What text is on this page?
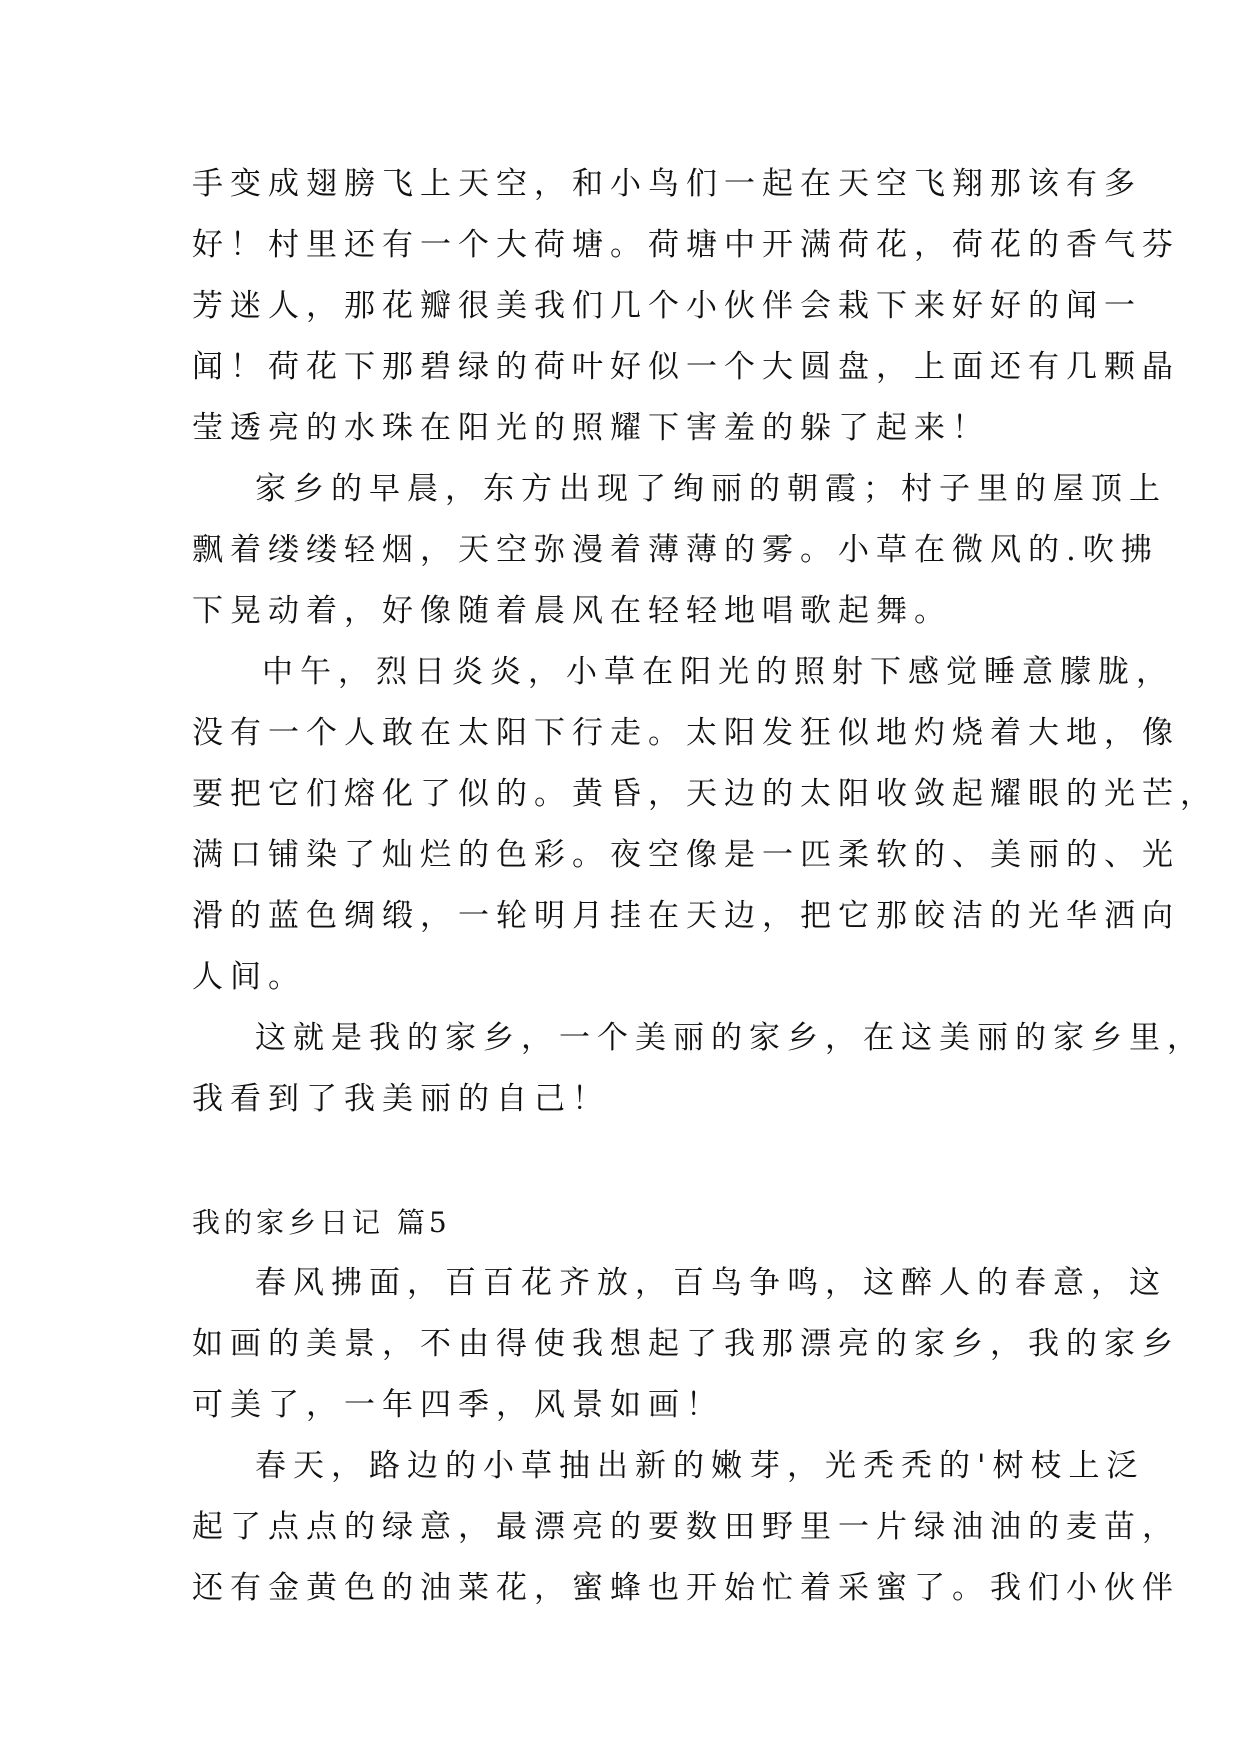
手变成翅膀飞上天空，和小鸟们一起在天空飞翔那该有多
好！村里还有一个大荷塘。荷塘中开满荷花，荷花的香气芬
芳迷人，那花瓣很美我们几个小伙伴会栽下来好好的闻一
闻！荷花下那碧绿的荷叶好似一个大圆盘，上面还有几颗晶
莹透亮的水珠在阳光的照耀下害羞的躲了起来！
家乡的早晨，东方出现了绚丽的朝霞；村子里的屋顶上
飘着缕缕轻烟，天空弥漫着薄薄的雾。小草在微风的.吹拂
下晃动着，好像随着晨风在轻轻地唱歌起舞。
中午，烈日炎炎，小草在阳光的照射下感觉睡意朦胧，
没有一个人敢在太阳下行走。太阳发狂似地灼烧着大地，像
要把它们熔化了似的。黄昏，天边的太阳收敛起耀眼的光芒，
满口铺染了灿烂的色彩。夜空像是一匹柔软的、美丽的、光
滑的蓝色绸缎，一轮明月挂在天边，把它那皎洁的光华洒向
人间。
这就是我的家乡，一个美丽的家乡，在这美丽的家乡里，
我看到了我美丽的自己！
我的家乡日记 篇5
春风拂面，百百花齐放，百鸟争鸣，这醉人的春意，这
如画的美景，不由得使我想起了我那漂亮的家乡，我的家乡
可美了，一年四季，风景如画！
春天，路边的小草抽出新的嫩芽，光秃秃的'树枝上泛
起了点点的绿意，最漂亮的要数田野里一片绿油油的麦苗，
还有金黄色的油菜花，蜜蜂也开始忙着采蜜了。我们小伙伴
